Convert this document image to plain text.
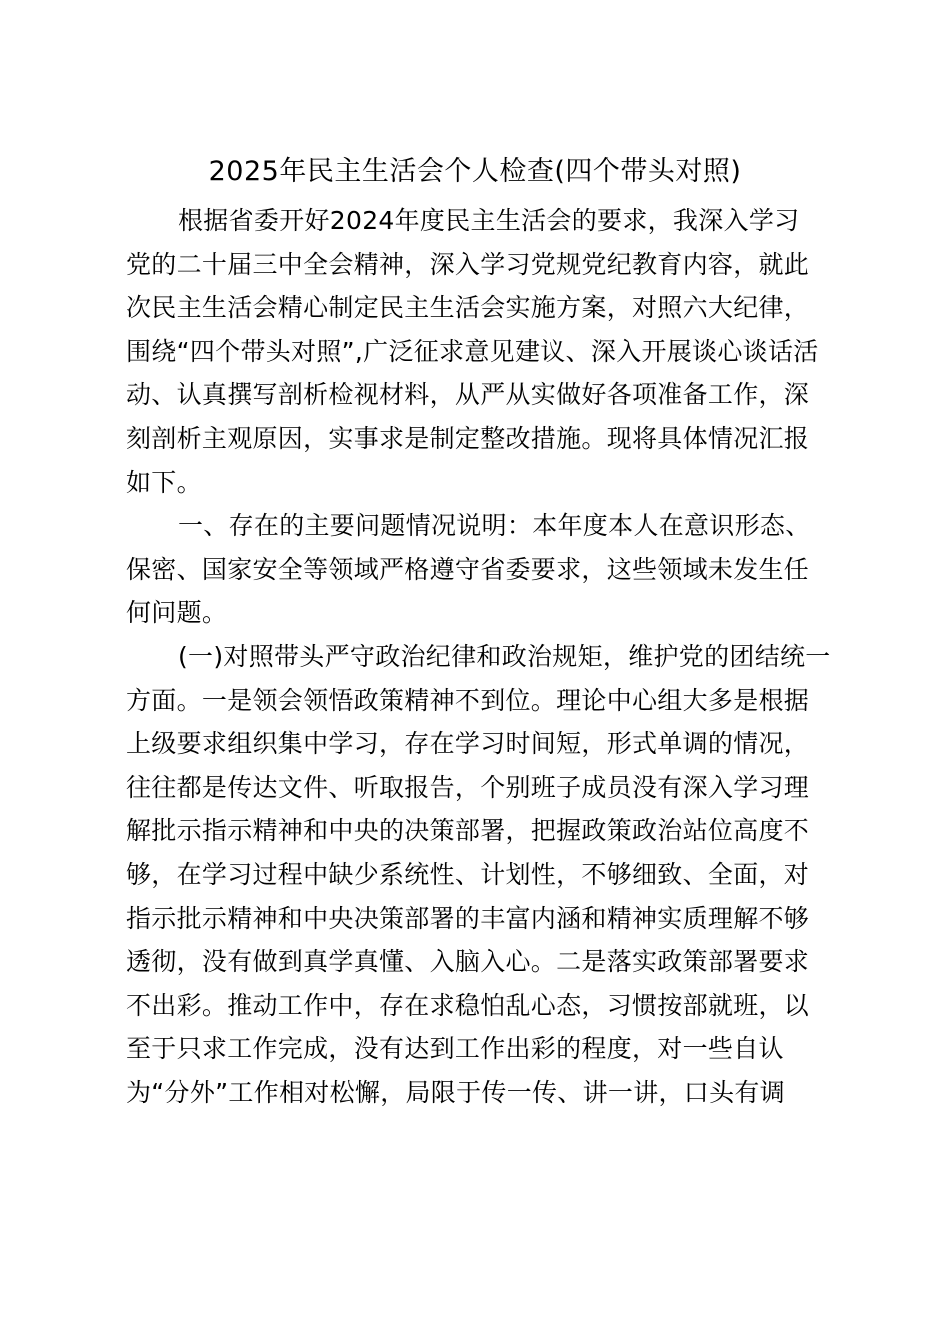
2025年民主生活会个人检查(四个带头对照)
根据省委开好2024年度民主生活会的要求，我深入学习
党的二十届三中全会精神，深入学习党规党纪教育内容，就此
次民主生活会精心制定民主生活会实施方案，对照六大纪律，
围绕“四个带头对照”,广泛征求意见建议、深入开展谈心谈话活
动、认真撰写剖析检视材料，从严从实做好各项准备工作，深
刻剖析主观原因，实事求是制定整改措施。现将具体情况汇报
如下。
一、存在的主要问题情况说明：本年度本人在意识形态、
保密、国家安全等领域严格遵守省委要求，这些领域未发生任
何问题。
(一)对照带头严守政治纪律和政治规矩，维护党的团结统一
方面。一是领会领悟政策精神不到位。理论中心组大多是根据
上级要求组织集中学习，存在学习时间短，形式单调的情况，
往往都是传达文件、听取报告，个别班子成员没有深入学习理
解批示指示精神和中央的决策部署，把握政策政治站位高度不
够，在学习过程中缺少系统性、计划性，不够细致、全面，对
指示批示精神和中央决策部署的丰富内涵和精神实质理解不够
透彻，没有做到真学真懂、入脑入心。二是落实政策部署要求
不出彩。推动工作中，存在求稳怕乱心态，习惯按部就班，以
至于只求工作完成，没有达到工作出彩的程度，对一些自认
为“分外”工作相对松懈，局限于传一传、讲一讲，口头有调
